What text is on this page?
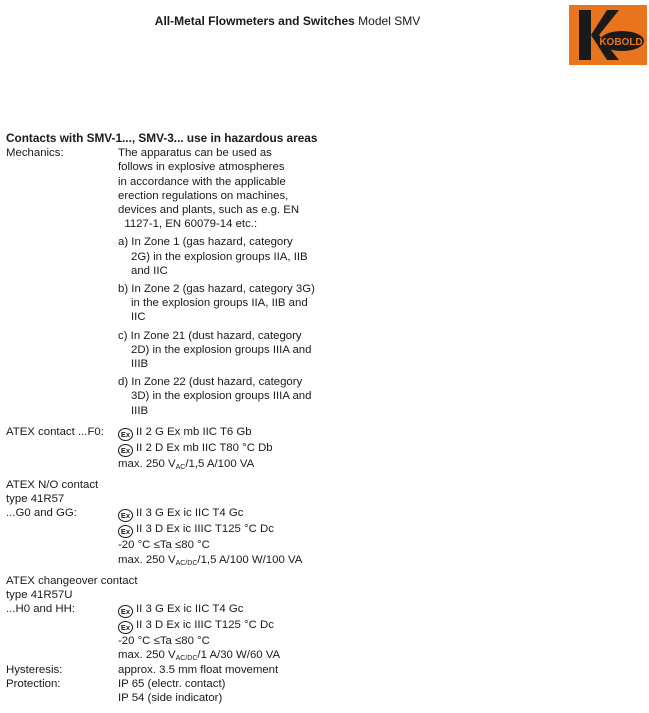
All-Metal Flowmeters and Switches Model SMV
KOBOLD
Contacts with SMV-1..., SMV-3... use in hazardous areas
Mechanics:	The apparatus can be used as
follows in explosive atmospheres
in accordance with the applicable
erection regulations on machines,
devices and plants, such as e.g. EN
1127-1, EN 60079-14 etc.:
a) In Zone 1 (gas hazard, category
2G) in the explosion groups IIA, IIB
and IIC
b) In Zone 2 (gas hazard, category 3G)
in the explosion groups IIA, IIB and
IIC
c) In Zone 21 (dust hazard, category
2D) in the explosion groups IIIA and
IIIB
d) In Zone 22 (dust hazard, category
3D) in the explosion groups IIIA and
IIIB
ATEX contact ...F0:	Ex II 2 G Ex mb IIC T6 Gb
Ex II 2 D Ex mb IIC T80 °C Db
max. 250 $V_{AC}/1,5$ A/100 VA
ATEX N/O contact
type 41R57
...G0 and GG:	Ex II 3 G Ex ic IIC T4 Gc
Ex II 3 D Ex ic IIIC T125 °C Dc
-20 °C ≤Ta ≤80 °C
max. 250 $V_{AC/DC}/1,5$ A/100 W/100 VA
ATEX changeover contact
type 41R57U
...H0 and HH:	Ex II 3 G Ex ic IIC T4 Gc
Ex II 3 D Ex ic IIIC T125 °C Dc
-20 °C ≤Ta ≤80 °C
max. 250 $V_{AC/DC}/1$ A/30 W/60 VA
Hysteresis:	approx. 3.5 mm float movement
Protection:	IP 65 (electr. contact)
IP 54 (side indicator)
